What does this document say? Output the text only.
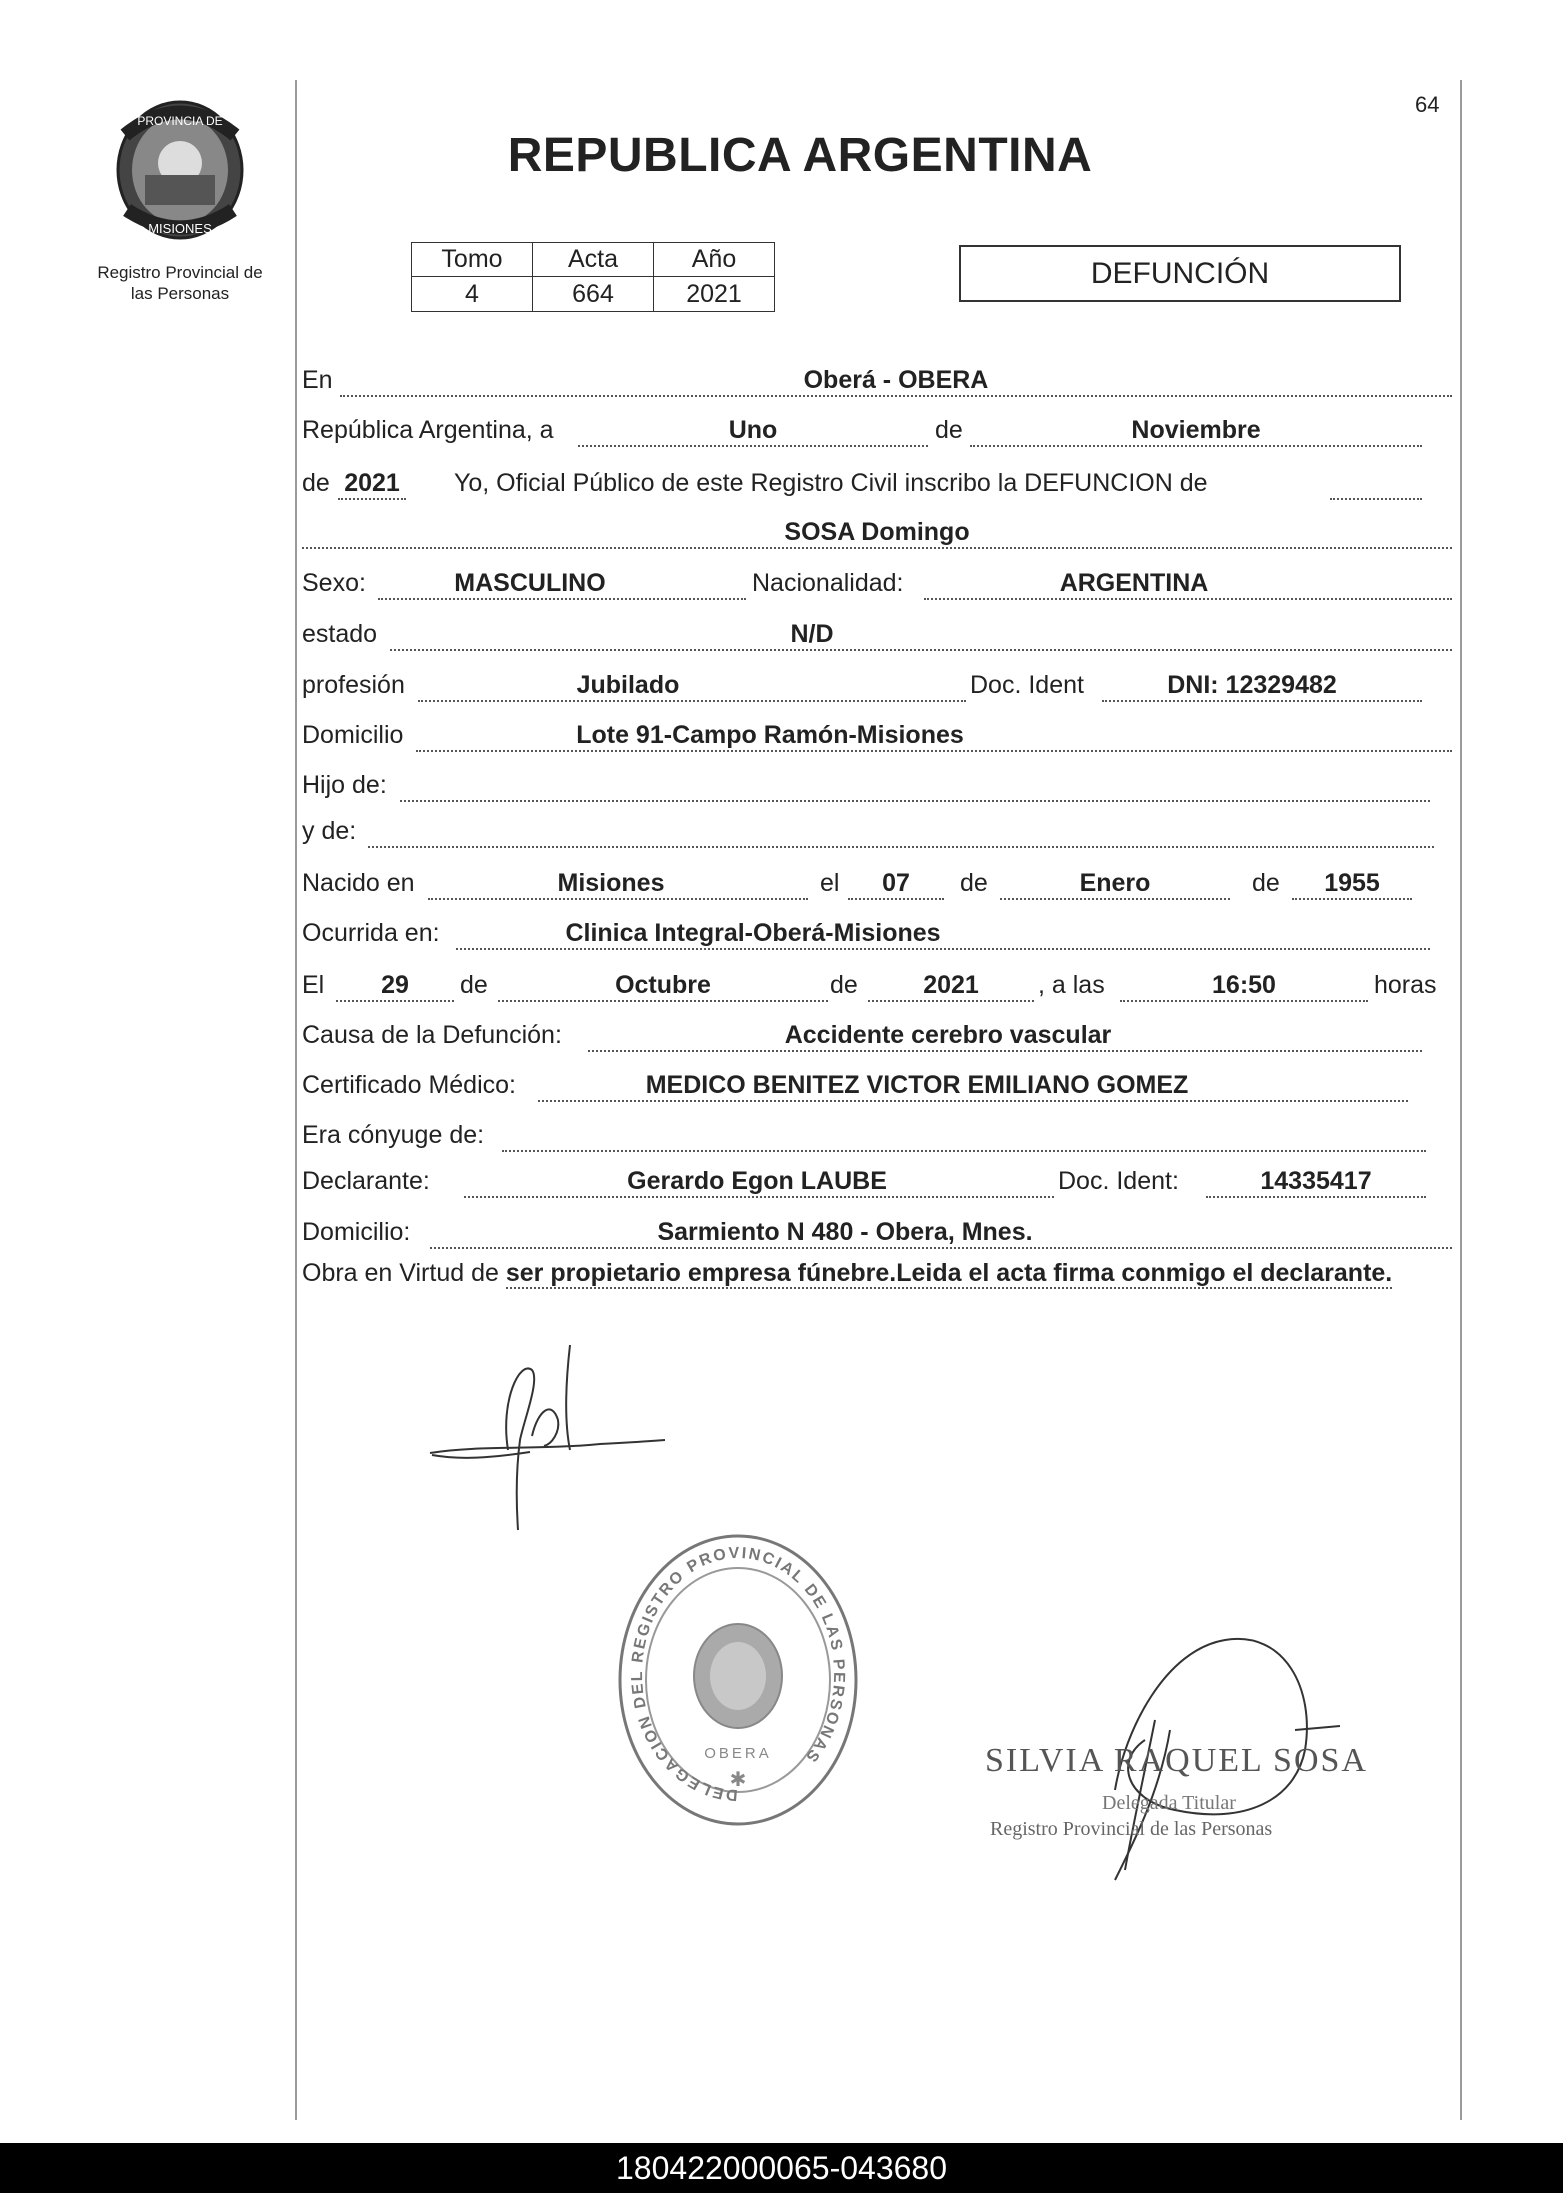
PROVINCIA DE
MISIONES
Registro Provincial de
las Personas
64
REPUBLICA ARGENTINA
Tomo	Acta	Año
4	664	2021
DEFUNCIÓN
En	Oberá - OBERA
República Argentina, a	Uno	de	Noviembre
de 2021 Yo, Oficial Público de este Registro Civil inscribo la DEFUNCION de
SOSA Domingo
Sexo:	MASCULINO	Nacionalidad:	ARGENTINA
estado	N/D
profesión	Jubilado	Doc. Ident	DNI: 12329482
Domicilio	Lote 91-Campo Ramón-Misiones
Hijo de:
y de:
Nacido en	Misiones	el	07	de	Enero	de	1955
Ocurrida en:	Clinica Integral-Oberá-Misiones
El	29	de	Octubre	de	2021	, a las	16:50	horas
Causa de la Defunción:	Accidente cerebro vascular
Certificado Médico:	MEDICO BENITEZ VICTOR EMILIANO GOMEZ
Era cónyuge de:
Declarante:	Gerardo Egon LAUBE	Doc. Ident:	14335417
Domicilio:	Sarmiento N 480 - Obera, Mnes.
Obra en Virtud de ser propietario empresa fúnebre.Leida el acta firma conmigo el declarante.
DELEGACION DEL REGISTRO PROVINCIAL DE LAS PERSONAS
OBERA
✱
SILVIA RAQUEL SOSA
Delegada Titular
Registro Provincial de las Personas
180422000065-043680
